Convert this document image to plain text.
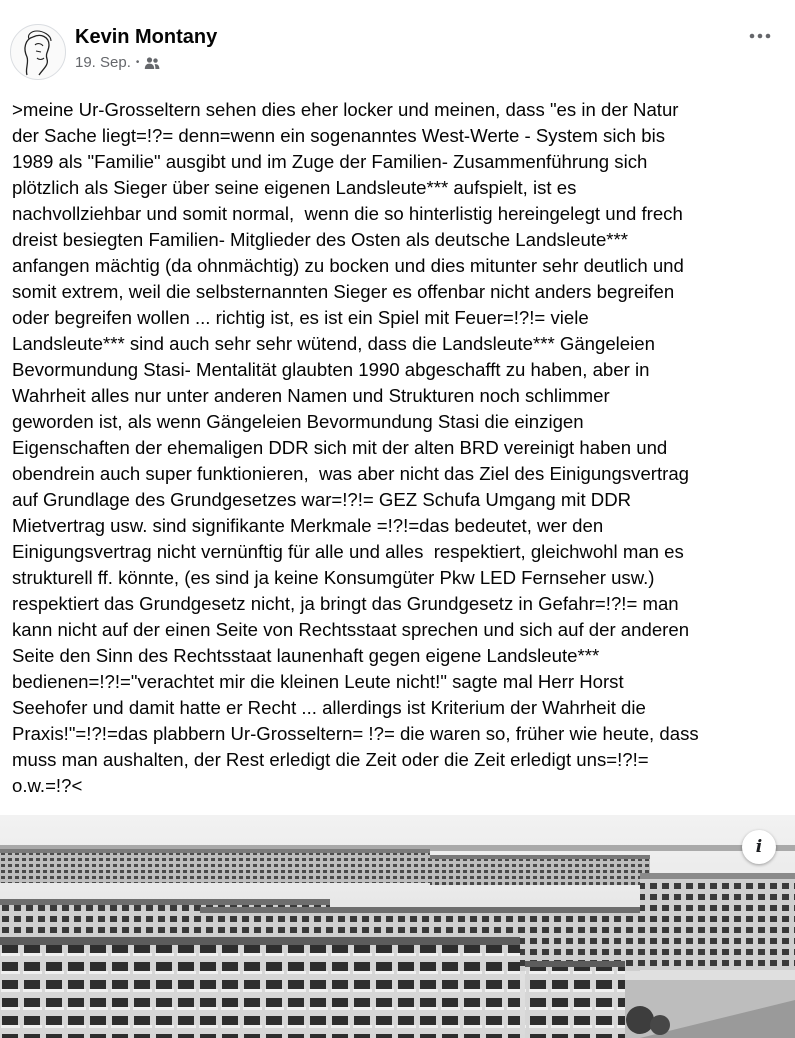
Kevin Montany
19. Sep. •
>meine Ur-Grosseltern sehen dies eher locker und meinen, dass "es in der Natur
der Sache liegt=!?= denn=wenn ein sogenanntes West-Werte - System sich bis
1989 als "Familie" ausgibt und im Zuge der Familien- Zusammenführung sich
plötzlich als Sieger über seine eigenen Landsleute*** aufspielt, ist es
nachvollziehbar und somit normal,  wenn die so hinterlistig hereingelegt und frech
dreist besiegten Familien- Mitglieder des Osten als deutsche Landsleute***
anfangen mächtig (da ohnmächtig) zu bocken und dies mitunter sehr deutlich und
somit extrem, weil die selbsternannten Sieger es offenbar nicht anders begreifen
oder begreifen wollen ... richtig ist, es ist ein Spiel mit Feuer=!?!= viele
Landsleute*** sind auch sehr sehr wütend, dass die Landsleute*** Gängeleien
Bevormundung Stasi- Mentalität glaubten 1990 abgeschafft zu haben, aber in
Wahrheit alles nur unter anderen Namen und Strukturen noch schlimmer
geworden ist, als wenn Gängeleien Bevormundung Stasi die einzigen
Eigenschaften der ehemaligen DDR sich mit der alten BRD vereinigt haben und
obendrein auch super funktionieren,  was aber nicht das Ziel des Einigungsvertrag
auf Grundlage des Grundgesetzes war=!?!= GEZ Schufa Umgang mit DDR
Mietvertrag usw. sind signifikante Merkmale =!?!=das bedeutet, wer den
Einigungsvertrag nicht vernünftig für alle und alles  respektiert, gleichwohl man es
strukturell ff. könnte, (es sind ja keine Konsumgüter Pkw LED Fernseher usw.)
respektiert das Grundgesetz nicht, ja bringt das Grundgesetz in Gefahr=!?!= man
kann nicht auf der einen Seite von Rechtsstaat sprechen und sich auf der anderen
Seite den Sinn des Rechtsstaat launenhaft gegen eigene Landsleute***
bedienen=!?!="verachtet mir die kleinen Leute nicht!" sagte mal Herr Horst
Seehofer und damit hatte er Recht ... allerdings ist Kriterium der Wahrheit die
Praxis!"=!?!=das plabbern Ur-Grosseltern= !?= die waren so, früher wie heute, dass
muss man aushalten, der Rest erledigt die Zeit oder die Zeit erledigt uns=!?!=
o.w.=!?<
i
